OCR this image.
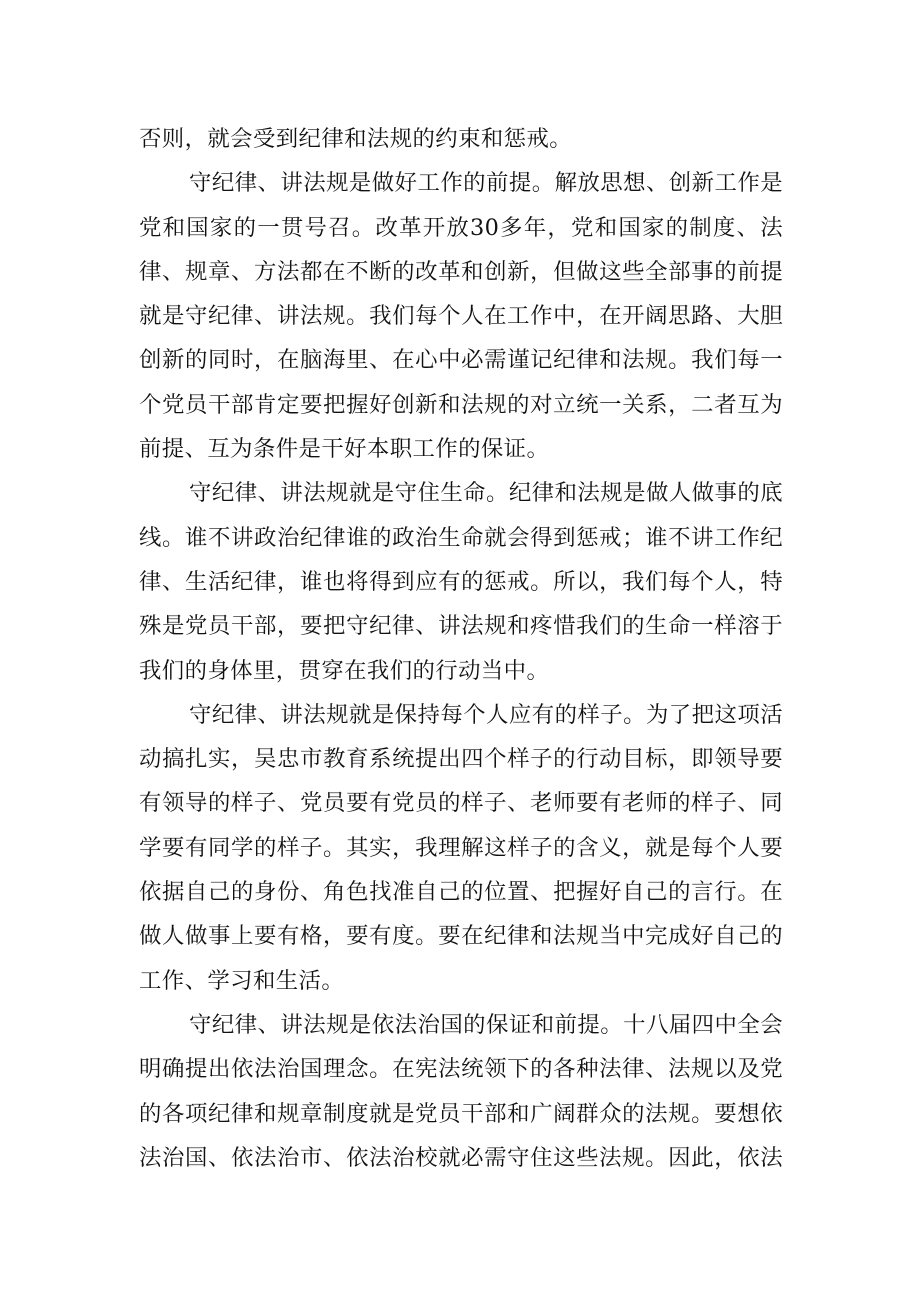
否则，就会受到纪律和法规的约束和惩戒。
守纪律、讲法规是做好工作的前提。解放思想、创新工作是
党和国家的一贯号召。改革开放30多年，党和国家的制度、法
律、规章、方法都在不断的改革和创新，但做这些全部事的前提
就是守纪律、讲法规。我们每个人在工作中，在开阔思路、大胆
创新的同时，在脑海里、在心中必需谨记纪律和法规。我们每一
个党员干部肯定要把握好创新和法规的对立统一关系，二者互为
前提、互为条件是干好本职工作的保证。
守纪律、讲法规就是守住生命。纪律和法规是做人做事的底
线。谁不讲政治纪律谁的政治生命就会得到惩戒；谁不讲工作纪
律、生活纪律，谁也将得到应有的惩戒。所以，我们每个人，特
殊是党员干部，要把守纪律、讲法规和疼惜我们的生命一样溶于
我们的身体里，贯穿在我们的行动当中。
守纪律、讲法规就是保持每个人应有的样子。为了把这项活
动搞扎实，吴忠市教育系统提出四个样子的行动目标，即领导要
有领导的样子、党员要有党员的样子、老师要有老师的样子、同
学要有同学的样子。其实，我理解这样子的含义，就是每个人要
依据自己的身份、角色找准自己的位置、把握好自己的言行。在
做人做事上要有格，要有度。要在纪律和法规当中完成好自己的
工作、学习和生活。
守纪律、讲法规是依法治国的保证和前提。十八届四中全会
明确提出依法治国理念。在宪法统领下的各种法律、法规以及党
的各项纪律和规章制度就是党员干部和广阔群众的法规。要想依
法治国、依法治市、依法治校就必需守住这些法规。因此，依法
